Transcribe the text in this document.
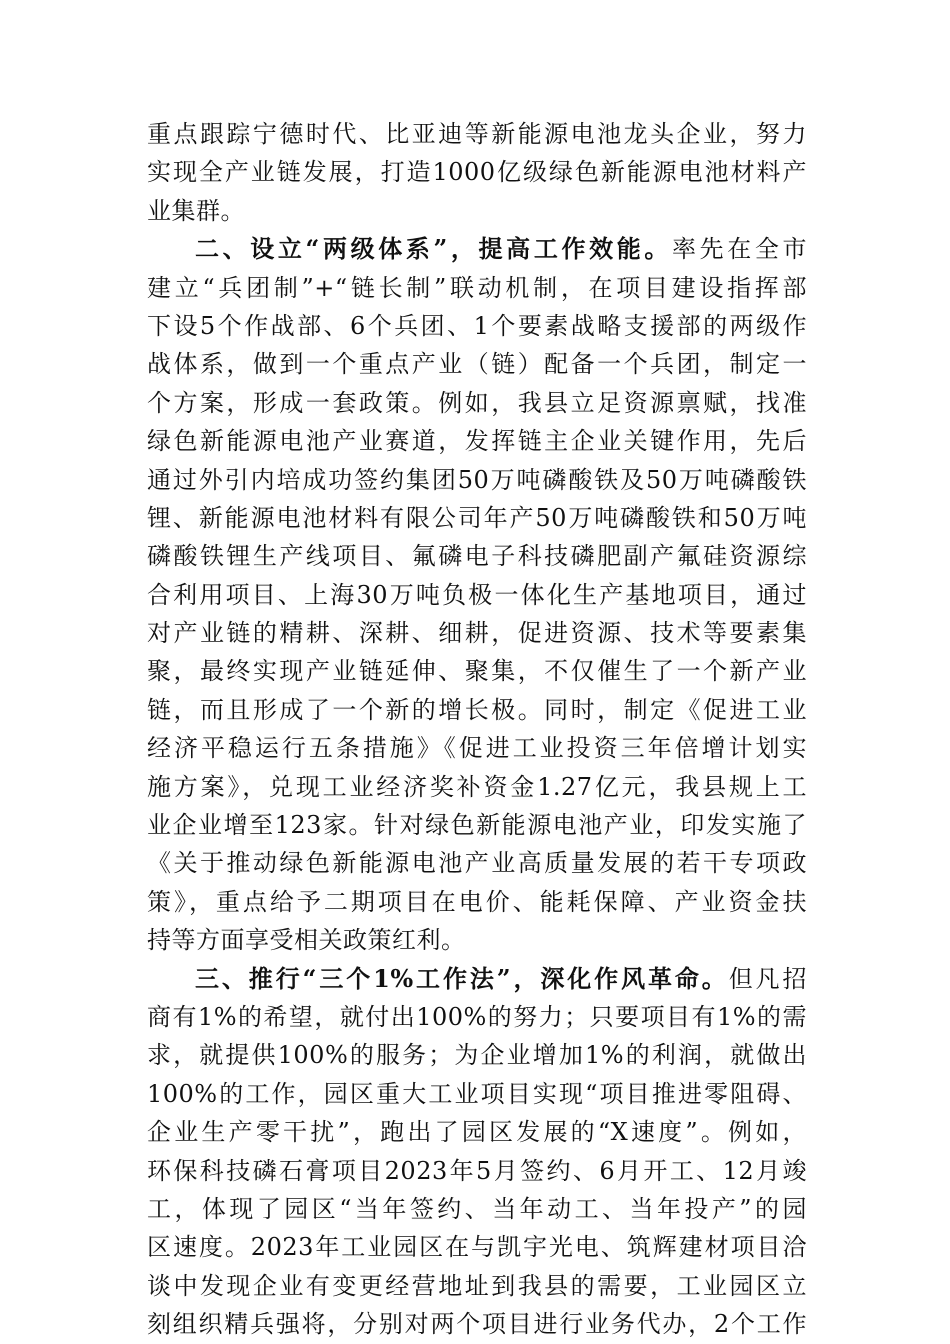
重点跟踪宁德时代、比亚迪等新能源电池龙头企业，努力
实现全产业链发展，打造1000亿级绿色新能源电池材料产
业集群。
二、设立“两级体系”，提高工作效能。率先在全市
建立“兵团制”+“链长制”联动机制，在项目建设指挥部
下设5个作战部、6个兵团、1个要素战略支援部的两级作
战体系，做到一个重点产业（链）配备一个兵团，制定一
个方案，形成一套政策。例如，我县立足资源禀赋，找准
绿色新能源电池产业赛道，发挥链主企业关键作用，先后
通过外引内培成功签约集团50万吨磷酸铁及50万吨磷酸铁
锂、新能源电池材料有限公司年产50万吨磷酸铁和50万吨
磷酸铁锂生产线项目、氟磷电子科技磷肥副产氟硅资源综
合利用项目、上海30万吨负极一体化生产基地项目，通过
对产业链的精耕、深耕、细耕，促进资源、技术等要素集
聚，最终实现产业链延伸、聚集，不仅催生了一个新产业
链，而且形成了一个新的增长极。同时，制定《促进工业
经济平稳运行五条措施》《促进工业投资三年倍增计划实
施方案》，兑现工业经济奖补资金1.27亿元，我县规上工
业企业增至123家。针对绿色新能源电池产业，印发实施了
《关于推动绿色新能源电池产业高质量发展的若干专项政
策》，重点给予二期项目在电价、能耗保障、产业资金扶
持等方面享受相关政策红利。
三、推行“三个1%工作法”，深化作风革命。但凡招
商有1%的希望，就付出100%的努力；只要项目有1%的需
求，就提供100%的服务；为企业增加1%的利润，就做出
100%的工作，园区重大工业项目实现“项目推进零阻碍、
企业生产零干扰”，跑出了园区发展的“X速度”。例如，
环保科技磷石膏项目2023年5月签约、6月开工、12月竣
工，体现了园区“当年签约、当年动工、当年投产”的园
区速度。2023年工业园区在与凯宇光电、筑辉建材项目洽
谈中发现企业有变更经营地址到我县的需要，工业园区立
刻组织精兵强将，分别对两个项目进行业务代办，2个工作
